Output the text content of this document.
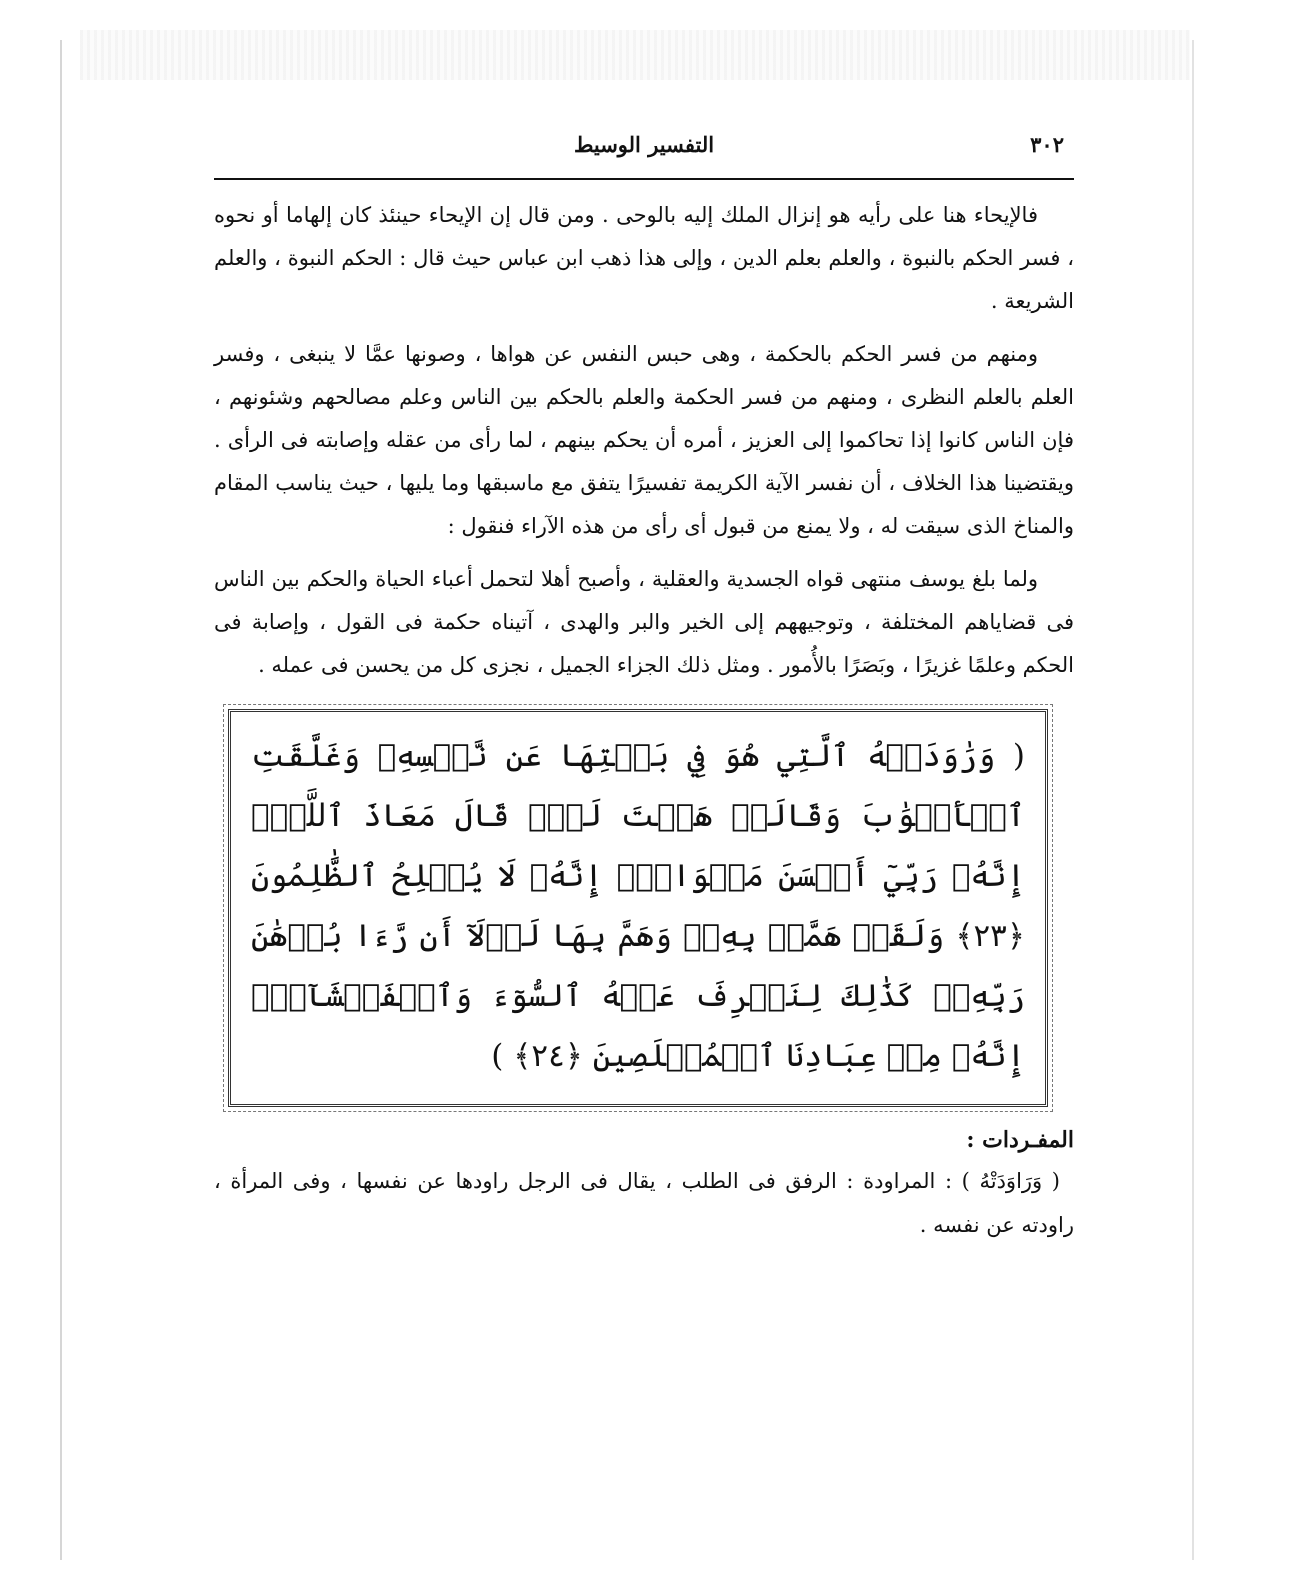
التفسير الوسيط	٣٠٢

فالإيحاء هنا على رأيه هو إنزال الملك إليه بالوحى . ومن قال إن الإيحاء حينئذ كان إلهاما أو نحوه ، فسر الحكم بالنبوة ، والعلم بعلم الدين ، وإلى هذا ذهب ابن عباس حيث قال : الحكم النبوة ، والعلم الشريعة .

ومنهم من فسر الحكم بالحكمة ، وهى حبس النفس عن هواها ، وصونها عمَّا لا ينبغى ، وفسر العلم بالعلم النظرى ، ومنهم من فسر الحكمة والعلم بالحكم بين الناس وعلم مصالحهم وشئونهم ، فإن الناس كانوا إذا تحاكموا إلى العزيز ، أمره أن يحكم بينهم ، لما رأى من عقله وإصابته فى الرأى . ويقتضينا هذا الخلاف ، أن نفسر الآية الكريمة تفسيرًا يتفق مع ماسبقها وما يليها ، حيث يناسب المقام والمناخ الذى سيقت له ، ولا يمنع من قبول أى رأى من هذه الآراء فنقول :

ولما بلغ يوسف منتهى قواه الجسدية والعقلية ، وأصبح أهلا لتحمل أعباء الحياة والحكم بين الناس فى قضاياهم المختلفة ، وتوجيههم إلى الخير والبر والهدى ، آتيناه حكمة فى القول ، وإصابة فى الحكم وعلمًا غزيرًا ، وبَصَرًا بالأُمور . ومثل ذلك الجزاء الجميل ، نجزى كل من يحسن فى عمله .

( وَرَٰوَدَتۡهُ ٱلَّتِي هُوَ فِي بَيۡتِهَا عَن نَّفۡسِهِۦ وَغَلَّقَتِ ٱلۡأَبۡوَٰبَ وَقَالَتۡ هَيۡتَ لَكَۚ قَالَ مَعَاذَ ٱللَّهِۖ إِنَّهُۥ رَبِّيٓ أَحۡسَنَ مَثۡوَايَۖ إِنَّهُۥ لَا يُفۡلِحُ ٱلظَّٰلِمُونَ ﴿٢٣﴾ وَلَقَدۡ هَمَّتۡ بِهِۦۖ وَهَمَّ بِهَا لَوۡلَآ أَن رَّءَا بُرۡهَٰنَ رَبِّهِۦۚ كَذَٰلِكَ لِنَصۡرِفَ عَنۡهُ ٱلسُّوٓءَ وَٱلۡفَحۡشَآءَۚ إِنَّهُۥ مِنۡ عِبَادِنَا ٱلۡمُخۡلَصِينَ ﴿٢٤﴾ )

المفـردات :

( وَرَاوَدَتْهُ ) : المراودة : الرفق فى الطلب ، يقال فى الرجل راودها عن نفسها ، وفى المرأة ، راودته عن نفسه .
